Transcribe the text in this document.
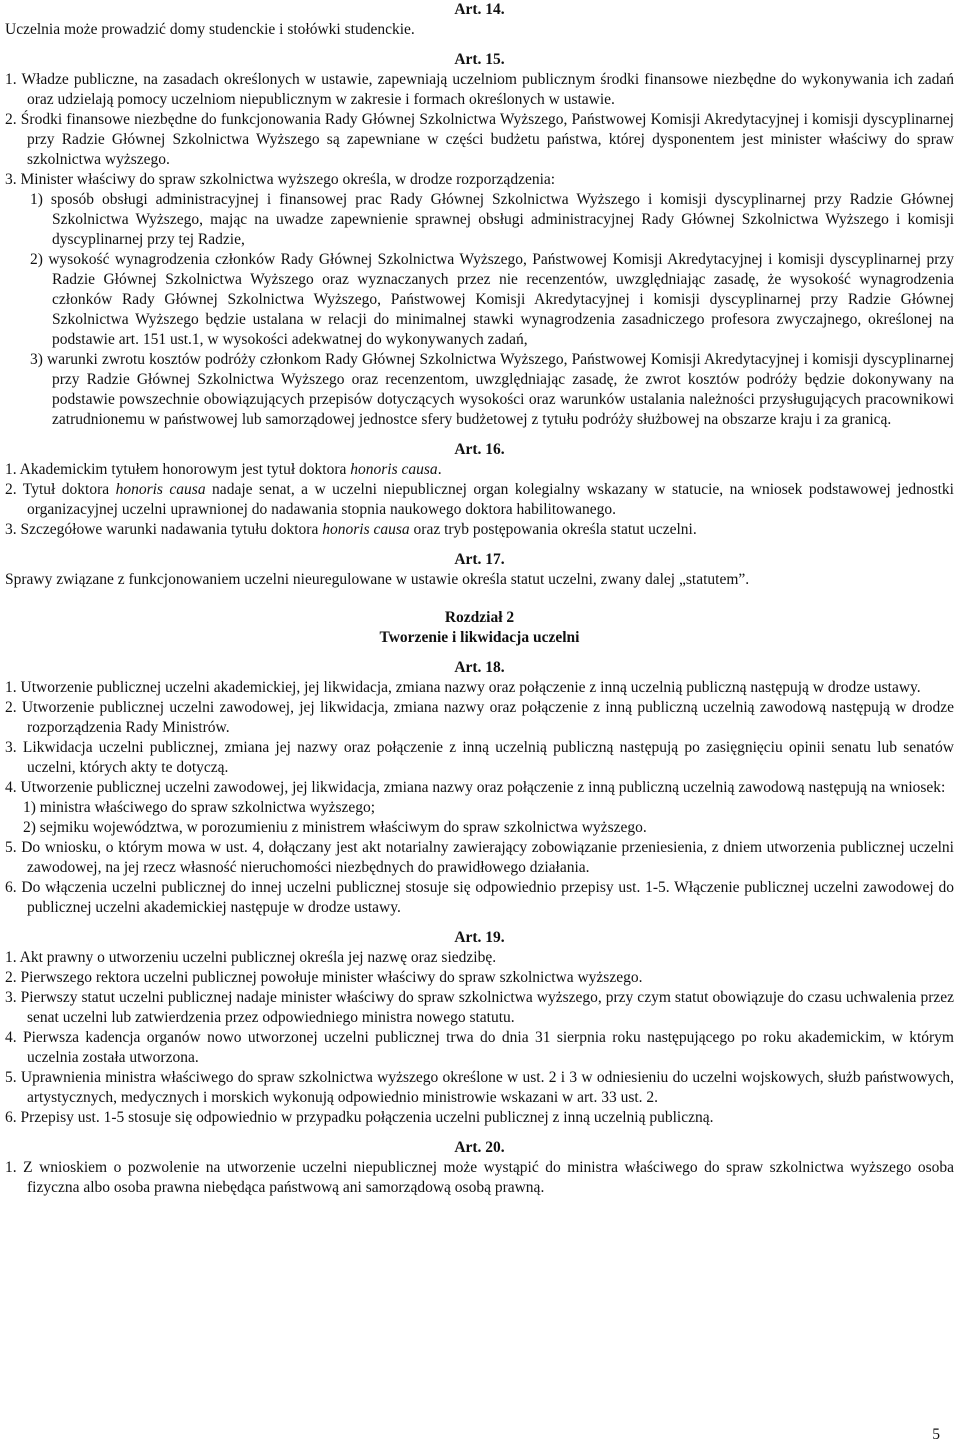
Art. 14.
Uczelnia może prowadzić domy studenckie i stołówki studenckie.
Art. 15.
1. Władze publiczne, na zasadach określonych w ustawie, zapewniają uczelniom publicznym środki finansowe niezbędne do wykonywania ich zadań oraz udzielają pomocy uczelniom niepublicznym w zakresie i formach określonych w ustawie.
2. Środki finansowe niezbędne do funkcjonowania Rady Głównej Szkolnictwa Wyższego, Państwowej Komisji Akredytacyjnej i komisji dyscyplinarnej przy Radzie Głównej Szkolnictwa Wyższego są zapewniane w części budżetu państwa, której dysponentem jest minister właściwy do spraw szkolnictwa wyższego.
3. Minister właściwy do spraw szkolnictwa wyższego określa, w drodze rozporządzenia:
1) sposób obsługi administracyjnej i finansowej prac Rady Głównej Szkolnictwa Wyższego i komisji dyscyplinarnej przy Radzie Głównej Szkolnictwa Wyższego, mając na uwadze zapewnienie sprawnej obsługi administracyjnej Rady Głównej Szkolnictwa Wyższego i komisji dyscyplinarnej przy tej Radzie,
2) wysokość wynagrodzenia członków Rady Głównej Szkolnictwa Wyższego, Państwowej Komisji Akredytacyjnej i komisji dyscyplinarnej przy Radzie Głównej Szkolnictwa Wyższego oraz wyznaczanych przez nie recenzentów, uwzględniając zasadę, że wysokość wynagrodzenia członków Rady Głównej Szkolnictwa Wyższego, Państwowej Komisji Akredytacyjnej i komisji dyscyplinarnej przy Radzie Głównej Szkolnictwa Wyższego będzie ustalana w relacji do minimalnej stawki wynagrodzenia zasadniczego profesora zwyczajnego, określonej na podstawie art. 151 ust.1, w wysokości adekwatnej do wykonywanych zadań,
3) warunki zwrotu kosztów podróży członkom Rady Głównej Szkolnictwa Wyższego, Państwowej Komisji Akredytacyjnej i komisji dyscyplinarnej przy Radzie Głównej Szkolnictwa Wyższego oraz recenzentom, uwzględniając zasadę, że zwrot kosztów podróży będzie dokonywany na podstawie powszechnie obowiązujących przepisów dotyczących wysokości oraz warunków ustalania należności przysługujących pracownikowi zatrudnionemu w państwowej lub samorządowej jednostce sfery budżetowej z tytułu podróży służbowej na obszarze kraju i za granicą.
Art. 16.
1. Akademickim tytułem honorowym jest tytuł doktora honoris causa.
2. Tytuł doktora honoris causa nadaje senat, a w uczelni niepublicznej organ kolegialny wskazany w statucie, na wniosek podstawowej jednostki organizacyjnej uczelni uprawnionej do nadawania stopnia naukowego doktora habilitowanego.
3. Szczegółowe warunki nadawania tytułu doktora honoris causa oraz tryb postępowania określa statut uczelni.
Art. 17.
Sprawy związane z funkcjonowaniem uczelni nieuregulowane w ustawie określa statut uczelni, zwany dalej „statutem”.
Rozdział 2
Tworzenie i likwidacja uczelni
Art. 18.
1. Utworzenie publicznej uczelni akademickiej, jej likwidacja, zmiana nazwy oraz połączenie z inną uczelnią publiczną następują w drodze ustawy.
2. Utworzenie publicznej uczelni zawodowej, jej likwidacja, zmiana nazwy oraz połączenie z inną publiczną uczelnią zawodową następują w drodze rozporządzenia Rady Ministrów.
3. Likwidacja uczelni publicznej, zmiana jej nazwy oraz połączenie z inną uczelnią publiczną następują po zasięgnięciu opinii senatu lub senatów uczelni, których akty te dotyczą.
4. Utworzenie publicznej uczelni zawodowej, jej likwidacja, zmiana nazwy oraz połączenie z inną publiczną uczelnią zawodową następują na wniosek:
1) ministra właściwego do spraw szkolnictwa wyższego;
2) sejmiku województwa, w porozumieniu z ministrem właściwym do spraw szkolnictwa wyższego.
5. Do wniosku, o którym mowa w ust. 4, dołączany jest akt notarialny zawierający zobowiązanie przeniesienia, z dniem utworzenia publicznej uczelni zawodowej, na jej rzecz własność nieruchomości niezbędnych do prawidłowego działania.
6. Do włączenia uczelni publicznej do innej uczelni publicznej stosuje się odpowiednio przepisy ust. 1-5. Włączenie publicznej uczelni zawodowej do publicznej uczelni akademickiej następuje w drodze ustawy.
Art. 19.
1. Akt prawny o utworzeniu uczelni publicznej określa jej nazwę oraz siedzibę.
2. Pierwszego rektora uczelni publicznej powołuje minister właściwy do spraw szkolnictwa wyższego.
3. Pierwszy statut uczelni publicznej nadaje minister właściwy do spraw szkolnictwa wyższego, przy czym statut obowiązuje do czasu uchwalenia przez senat uczelni lub zatwierdzenia przez odpowiedniego ministra nowego statutu.
4. Pierwsza kadencja organów nowo utworzonej uczelni publicznej trwa do dnia 31 sierpnia roku następującego po roku akademickim, w którym uczelnia została utworzona.
5. Uprawnienia ministra właściwego do spraw szkolnictwa wyższego określone w ust. 2 i 3 w odniesieniu do uczelni wojskowych, służb państwowych, artystycznych, medycznych i morskich wykonują odpowiednio ministrowie wskazani w art. 33 ust. 2.
6. Przepisy ust. 1-5 stosuje się odpowiednio w przypadku połączenia uczelni publicznej z inną uczelnią publiczną.
Art. 20.
1. Z wnioskiem o pozwolenie na utworzenie uczelni niepublicznej może wystąpić do ministra właściwego do spraw szkolnictwa wyższego osoba fizyczna albo osoba prawna niebędąca państwową ani samorządową osobą prawną.
5
